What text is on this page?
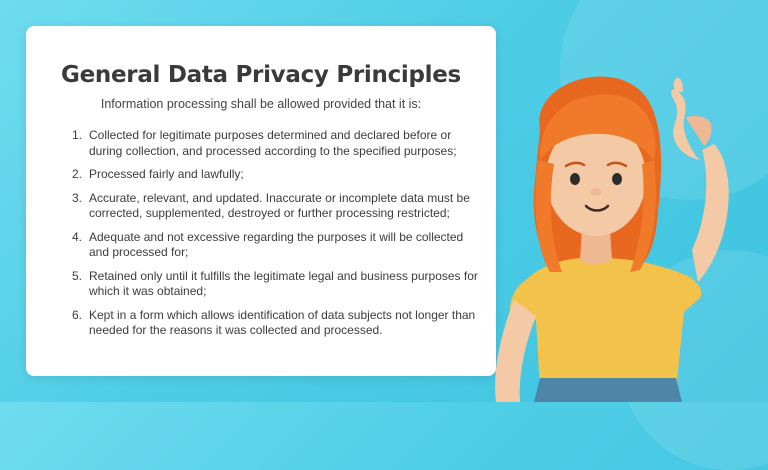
General Data Privacy Principles
Information processing shall be allowed provided that it is:
1. Collected for legitimate purposes determined and declared before or during collection, and processed according to the specified purposes;
2. Processed fairly and lawfully;
3. Accurate, relevant, and updated. Inaccurate or incomplete data must be corrected, supplemented, destroyed or further processing restricted;
4. Adequate and not excessive regarding the purposes it will be collected and processed for;
5. Retained only until it fulfills the legitimate legal and business purposes for which it was obtained;
6. Kept in a form which allows identification of data subjects not longer than needed for the reasons it was collected and processed.
